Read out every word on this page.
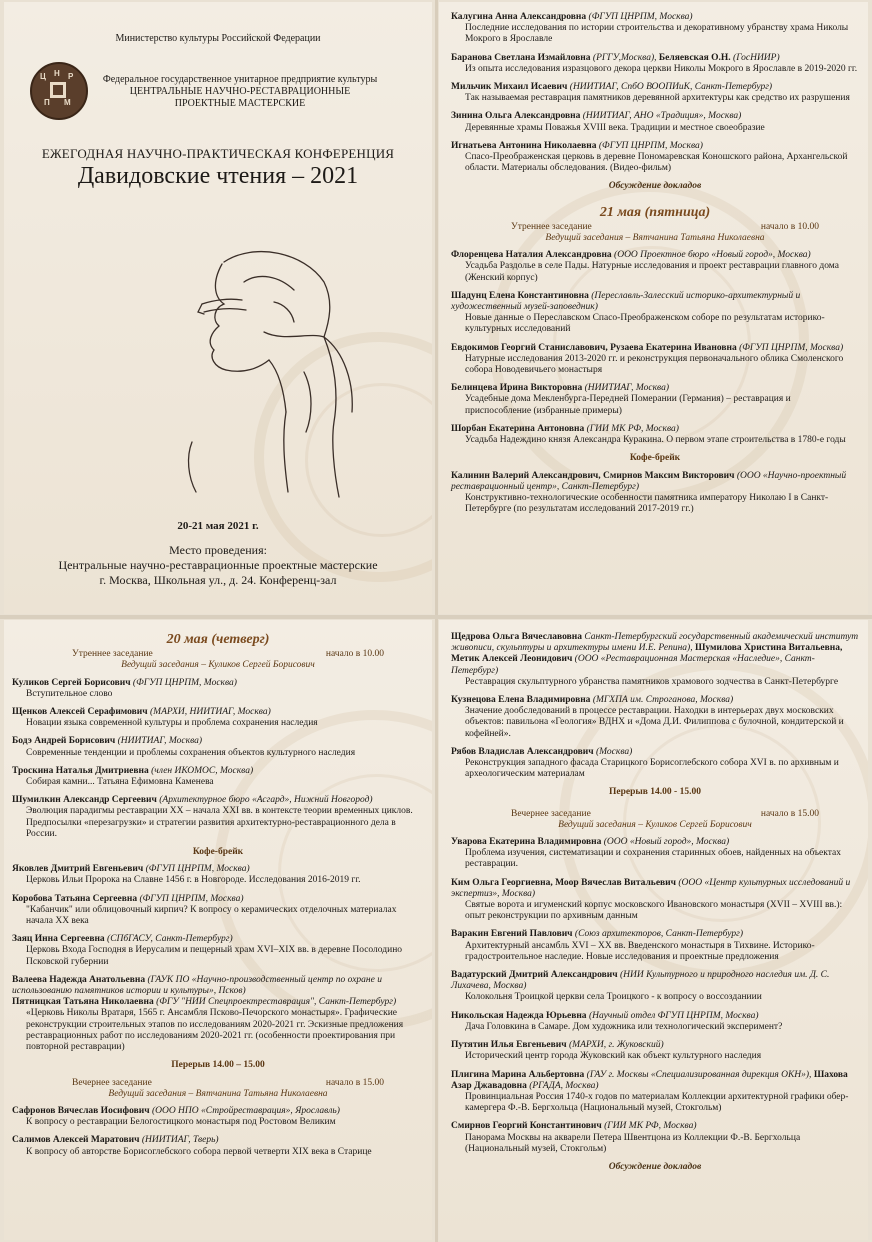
Министерство культуры Российской Федерации
Ц Н Р
П М
Федеральное государственное унитарное предприятие культуры
ЦЕНТРАЛЬНЫЕ НАУЧНО-РЕСТАВРАЦИОННЫЕ
ПРОЕКТНЫЕ МАСТЕРСКИЕ
ЕЖЕГОДНАЯ НАУЧНО-ПРАКТИЧЕСКАЯ КОНФЕРЕНЦИЯ
Давидовские чтения – 2021
20-21 мая 2021 г.
Место проведения:
Центральные научно-реставрационные проектные мастерские
г. Москва, Школьная ул., д. 24. Конференц-зал
Калугина Анна Александровна (ФГУП ЦНРПМ, Москва)
Последние исследования по истории строительства и декоративному убранству храма Николы Мокрого в Ярославле
Баранова Светлана Измайловна (РГГУ,Москва), Беляевская О.Н. (ГосНИИР)
Из опыта исследования изразцового декора церкви Николы Мокрого в Ярославле в 2019-2020 гг.
Мильчик Михаил Исаевич (НИИТИАГ, СпбО ВООПИиК, Санкт-Петербург)
Так называемая реставрация памятников деревянной архитектуры как средство их разрушения
Зинина Ольга Александровна (НИИТИАГ, АНО «Традиция», Москва)
Деревянные храмы Поважья XVIII века. Традиции и местное своеобразие
Игнатьева Антонина Николаевна (ФГУП ЦНРПМ, Москва)
Спасо-Преображенская церковь в деревне Пономаревская Коношского района, Архангельской области. Материалы обследования. (Видео-фильм)
Обсуждение докладов
21 мая (пятница)
Утреннее заседание	начало в 10.00
Ведущий заседания – Вятчанина Татьяна Николаевна
Флоренцева Наталия Александровна (ООО Проектное бюро «Новый город», Москва)
Усадьба Раздолье в селе Пады. Натурные исследования и проект реставрации главного дома (Женский корпус)
Шадунц Елена Константиновна (Переславль-Залесский историко-архитектурный и художественный музей-заповедник)
Новые данные о Переславском Спасо-Преображенском соборе по результатам историко-культурных исследований
Евдокимов Георгий Станиславович, Рузаева Екатерина Ивановна (ФГУП ЦНРПМ, Москва)
Натурные исследования 2013-2020 гг. и реконструкция первоначального облика Смоленского собора Новодевичьего монастыря
Белинцева Ирина Викторовна (НИИТИАГ, Москва)
Усадебные дома Мекленбурга-Передней Померании (Германия) – реставрация и приспособление (избранные примеры)
Шорбан Екатерина Антоновна (ГИИ МК РФ, Москва)
Усадьба Надеждино князя Александра Куракина. О первом этапе строительства в 1780-е годы
Кофе-брейк
Калинин Валерий Александрович, Смирнов Максим Викторович (ООО «Научно-проектный реставрационный центр», Санкт-Петербург)
Конструктивно-технологические особенности памятника императору Николаю I в Санкт-Петербурге (по результатам исследований 2017-2019 гг.)
20 мая (четверг)
Утреннее заседание	начало в 10.00
Ведущий заседания – Куликов Сергей Борисович
Куликов Сергей Борисович (ФГУП ЦНРПМ, Москва)
Вступительное слово
Щенков Алексей Серафимович (МАРХИ, НИИТИАГ, Москва)
Новации языка современной культуры и проблема сохранения наследия
Бодэ Андрей Борисович (НИИТИАГ, Москва)
Современные тенденции и проблемы сохранения объектов культурного наследия
Троскина Наталья Дмитриевна (член ИКОМОС, Москва)
Собирая камни... Татьяна Ефимовна Каменева
Шумилкин Александр Сергеевич (Архитектурное бюро «Асгард», Нижний Новгород)
Эволюция парадигмы реставрации XX – начала XXI вв. в контексте теории временных циклов. Предпосылки «перезагрузки» и стратегии развития архитектурно-реставрационного дела в России.
Кофе-брейк
Яковлев Дмитрий Евгеньевич (ФГУП ЦНРПМ, Москва)
Церковь Ильи Пророка на Славне 1456 г. в Новгороде. Исследования 2016-2019 гг.
Коробова Татьяна Сергеевна (ФГУП ЦНРПМ, Москва)
"Кабанчик" или облицовочный кирпич? К вопросу о керамических отделочных материалах начала XX века
Заяц Инна Сергеевна (СПбГАСУ, Санкт-Петербург)
Церковь Входа Господня в Иерусалим и пещерный храм XVI–XIX вв. в деревне Посолодино Псковской губернии
Валеева Надежда Анатольевна (ГАУК ПО «Научно-производственный центр по охране и использованию памятников истории и культуры», Псков)
Пятницкая Татьяна Николаевна (ФГУ "НИИ Спецпроектреставрация", Санкт-Петербург)
«Церковь Николы Вратаря, 1565 г. Ансамбля Псково-Печорского монастыря». Графические реконструкции строительных этапов по исследованиям 2020-2021 гг. Эскизные предложения реставрационных работ по исследованиям 2020-2021 гг. (особенности проектирования при повторной реставрации)
Перерыв 14.00 – 15.00
Вечернее заседание	начало в 15.00
Ведущий заседания – Вятчанина Татьяна Николаевна
Сафронов Вячеслав Иосифович (ООО НПО «Стройреставрация», Ярославль)
К вопросу о реставрации Белогостицкого монастыря под Ростовом Великим
Салимов Алексей Маратович (НИИТИАГ, Тверь)
К вопросу об авторстве Борисоглебского собора первой четверти XIX века в Старице
Щедрова Ольга Вячеславовна Санкт-Петербургский государственный академический институт живописи, скульптуры и архитектуры имени И.Е. Репина), Шумилова Христина Витальевна, Метик Алексей Леонидович (ООО «Реставрационная Мастерская «Наследие», Санкт-Петербург)
Реставрация скульптурного убранства памятников храмового зодчества в Санкт-Петербурге
Кузнецова Елена Владимировна (МГХПА им. Строганова, Москва)
Значение дообследований в процессе реставрации. Находки в интерьерах двух московских объектов: павильона «Геология» ВДНХ и «Дома Д.И. Филиппова с булочной, кондитерской и кофейней».
Рябов Владислав Александрович (Москва)
Реконструкция западного фасада Старицкого Борисоглебского собора XVI в. по архивным и археологическим материалам
Перерыв 14.00 - 15.00
Вечернее заседание	начало в 15.00
Ведущий заседания – Куликов Сергей Борисович
Уварова Екатерина Владимировна (ООО «Новый город», Москва)
Проблема изучения, систематизации и сохранения старинных обоев, найденных на объектах реставрации.
Ким Ольга Георгиевна, Моор Вячеслав Витальевич (ООО «Центр культурных исследований и экспертиз», Москва)
Святые ворота и игуменский корпус московского Ивановского монастыря (XVII – XVIII вв.): опыт реконструкции по архивным данным
Варакин Евгений Павлович (Союз архитекторов, Санкт-Петербург)
Архитектурный ансамбль XVI – XX вв. Введенского монастыря в Тихвине. Историко-градостроительное наследие. Новые исследования и проектные предложения
Вадатурский Дмитрий Александрович (НИИ Культурного и природного наследия им. Д. С. Лихачева, Москва)
Колокольня Троицкой церкви села Троицкого - к вопросу о воссозданиии
Никольская Надежда Юрьевна (Научный отдел ФГУП ЦНРПМ, Москва)
Дача Головкина в Самаре. Дом художника или технологический эксперимент?
Путятин Илья Евгеньевич (МАРХИ, г. Жуковский)
Исторический центр города Жуковский как объект культурного наследия
Плигина Марина Альбертовна (ГАУ г. Москвы «Специализированная дирекция ОКН»), Шахова Азар Джавадовна (РГАДА, Москва)
Провинциальная Россия 1740-х годов по материалам Коллекции архитектурной графики обер-камергера Ф.-В. Бергхольца (Национальный музей, Стокгольм)
Смирнов Георгий Константинович (ГИИ МК РФ, Москва)
Панорама Москвы на акварели Петера Швентцона из Коллекции Ф.-В. Бергхольца (Национальный музей, Стокгольм)
Обсуждение докладов
